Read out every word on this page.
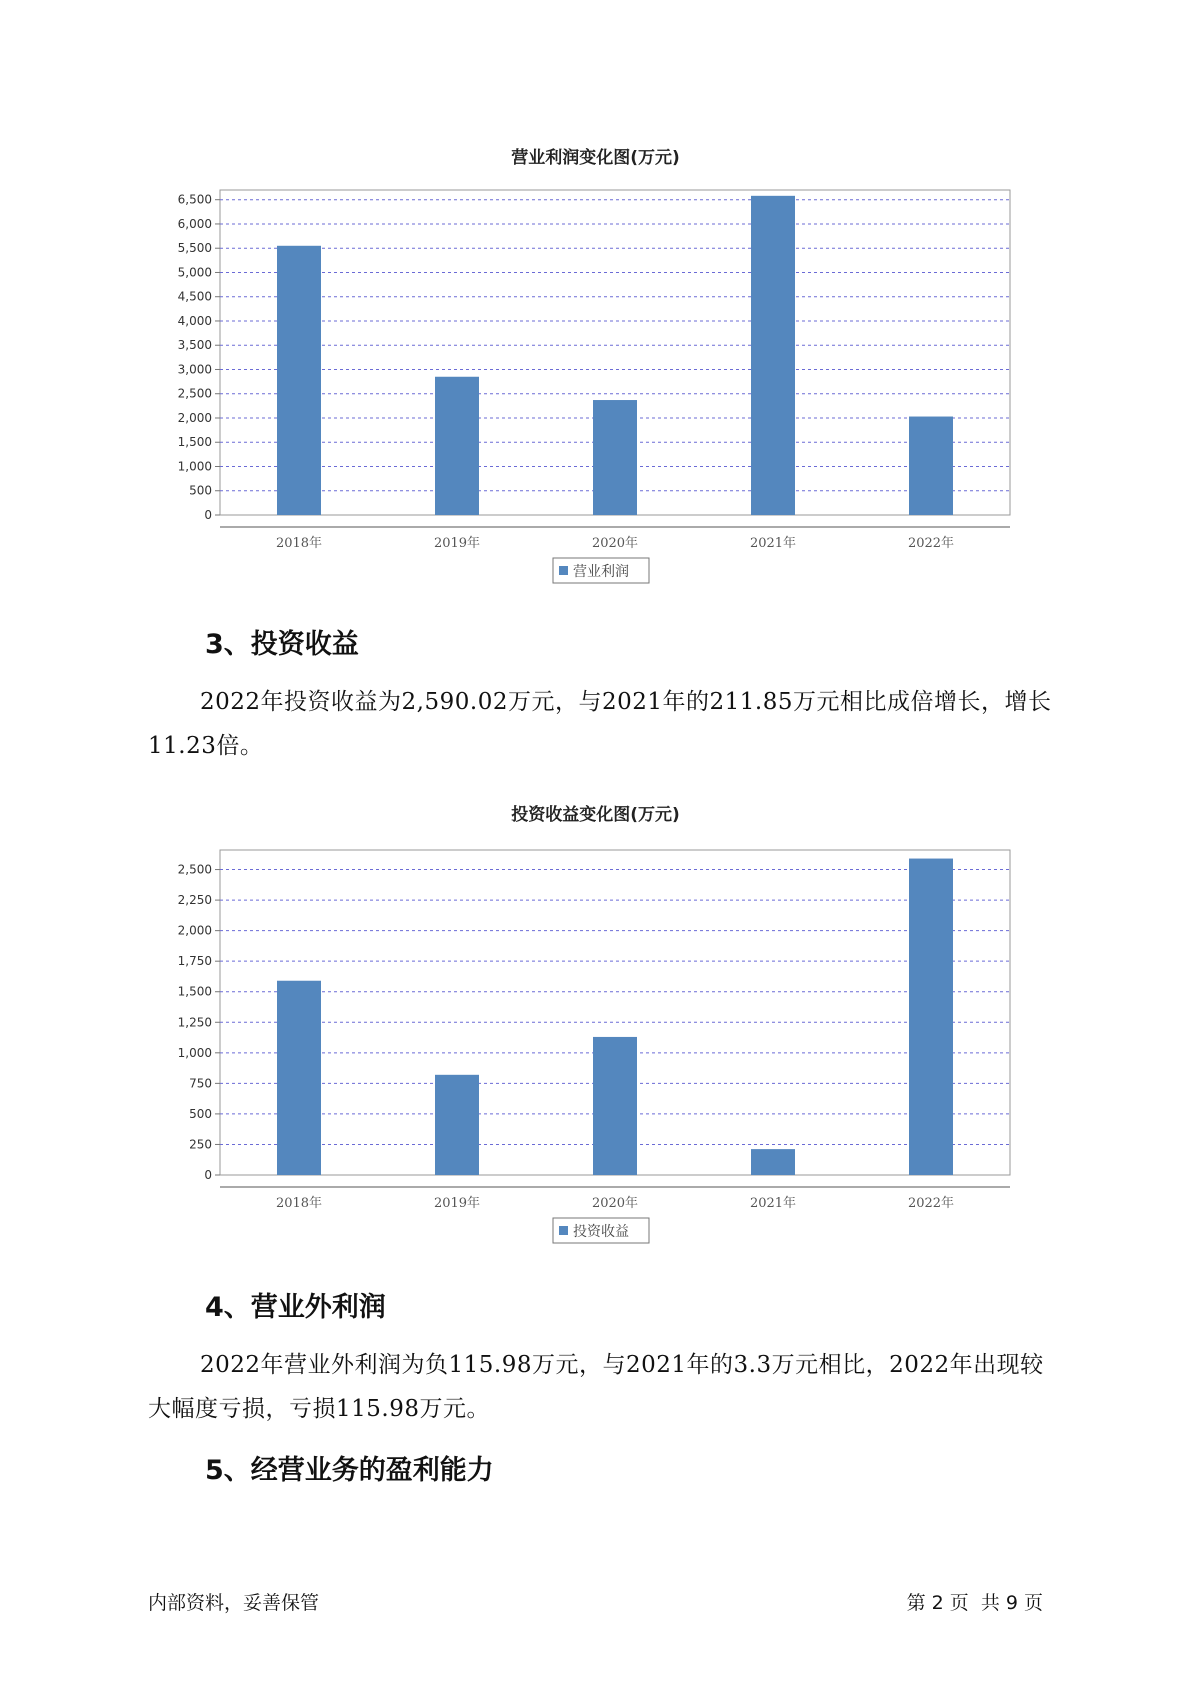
营业利润变化图(万元)
0
500
1,000
1,500
2,000
2,500
3,000
3,500
4,000
4,500
5,000
5,500
6,000
6,500
2018年	2019年	2020年	2021年	2022年
营业利润
3、投资收益
2022年投资收益为2,590.02万元，与2021年的211.85万元相比成倍增长，增长11.23倍。
投资收益变化图(万元)
0
250
500
750
1,000
1,250
1,500
1,750
2,000
2,250
2,500
2018年	2019年	2020年	2021年	2022年
投资收益
4、营业外利润
2022年营业外利润为负115.98万元，与2021年的3.3万元相比，2022年出现较大幅度亏损，亏损115.98万元。
5、经营业务的盈利能力
内部资料，妥善保管	第 2 页  共 9 页
